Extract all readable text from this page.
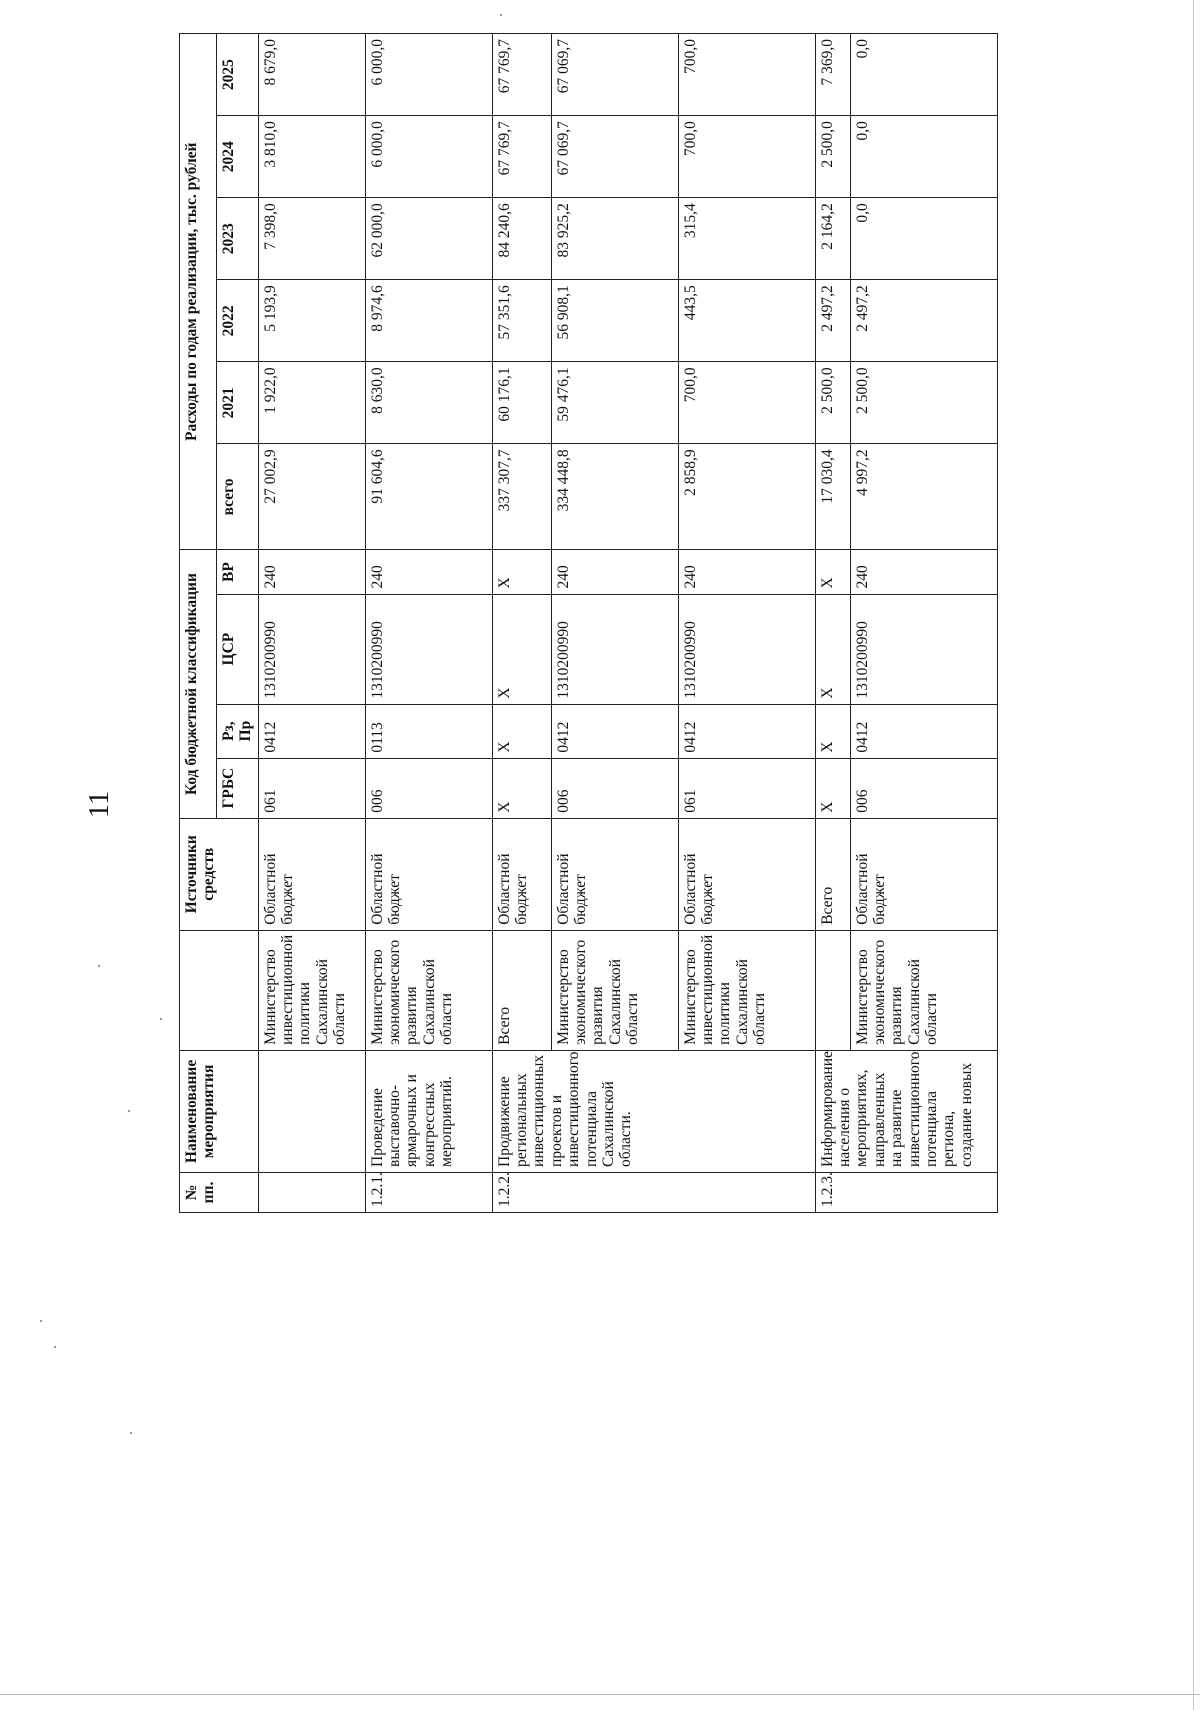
11
№ пп.	Наименование мероприятия		Источники средств	Код бюджетной классификации				Расходы по годам реализации, тыс. рублей					
				ГРБС	Рз, Пр	ЦСР	ВР	всего	2021	2022	2023	2024	2025
		Министерство инвестиционной политики Сахалинской области	Областной бюджет	061	0412	1310200990	240	27 002,9	1 922,0	5 193,9	7 398,0	3 810,0	8 679,0
1.2.1.	Проведение выставочно- ярмарочных и конгрессных мероприятий.	Министерство экономического развития Сахалинской области	Областной бюджет	006	0113	1310200990	240	91 604,6	8 630,0	8 974,6	62 000,0	6 000,0	6 000,0
1.2.2.	Продвижение региональных инвестиционных проектов и инвестиционного потенциала Сахалинской области.	Всего	Областной бюджет	Х	Х	Х	Х	337 307,7	60 176,1	57 351,6	84 240,6	67 769,7	67 769,7
		Министерство экономического развития Сахалинской области	Областной бюджет	006	0412	1310200990	240	334 448,8	59 476,1	56 908,1	83 925,2	67 069,7	67 069,7
		Министерство инвестиционной политики Сахалинской области	Областной бюджет	061	0412	1310200990	240	2 858,9	700,0	443,5	315,4	700,0	700,0
1.2.3.	Информирование населения о мероприятиях, направленных на развитие инвестиционного потенциала региона, создание новых		Всего	Х	Х	Х	Х	17 030,4	2 500,0	2 497,2	2 164,2	2 500,0	7 369,0
		Министерство экономического развития Сахалинской области	Областной бюджет	006	0412	1310200990	240	4 997,2	2 500,0	2 497,2	0,0	0,0	0,0
